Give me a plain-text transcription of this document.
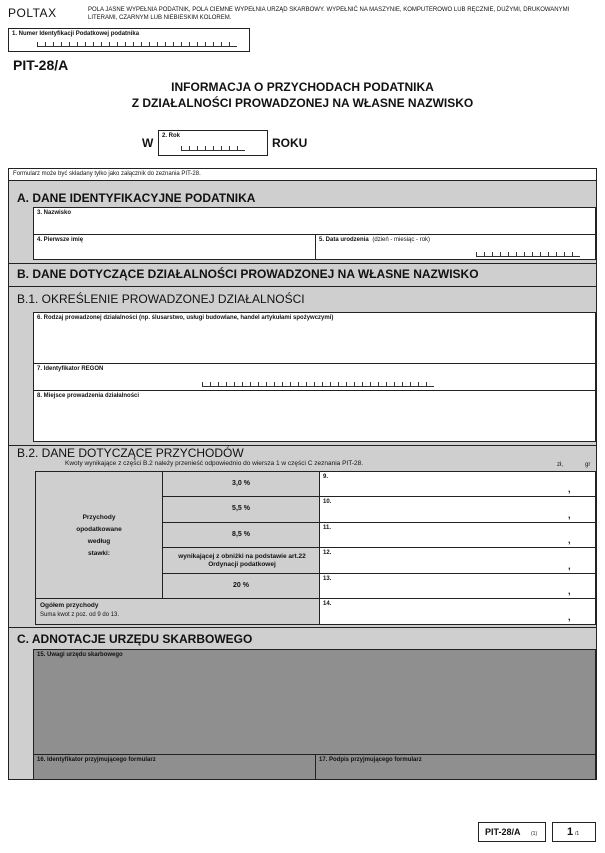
POLTAX	POLA JASNE WYPEŁNIA PODATNIK, POLA CIEMNE WYPEŁNIA URZĄD SKARBOWY. WYPEŁNIĆ NA MASZYNIE, KOMPUTEROWO LUB RĘCZNIE, DUŻYMI, DRUKOWANYMI LITERAMI, CZARNYM LUB NIEBIESKIM KOLOREM.
1. Numer Identyfikacji Podatkowej podatnika
PIT-28/A
INFORMACJA O PRZYCHODACH PODATNIKA
Z DZIAŁALNOŚCI PROWADZONEJ NA WŁASNE NAZWISKO
W 2. Rok	ROKU
Formularz może być składany tylko jako załącznik do zeznania PIT-28.
A. DANE IDENTYFIKACYJNE PODATNIKA
3. Nazwisko
4. Pierwsze imię	5. Data urodzenia (dzień - miesiąc - rok)
B. DANE DOTYCZĄCE DZIAŁALNOŚCI PROWADZONEJ NA WŁASNE NAZWISKO
B.1. OKREŚLENIE PROWADZONEJ DZIAŁALNOŚCI
6. Rodzaj prowadzonej działalności (np. ślusarstwo, usługi budowlane, handel artykułami spożywczymi)
7. Identyfikator REGON
8. Miejsce prowadzenia działalności
B.2. DANE DOTYCZĄCE PRZYCHODÓW
Kwoty wynikające z części B.2 należy przenieść odpowiednio do wiersza 1 w części C zeznania PIT-28.	zł,	gr
Przychody
opodatkowane
według
stawki:
3,0 %
9.
,
5,5 %
10.
,
8,5 %
11.
,
wynikającej z obniżki na podstawie art.22 Ordynacji podatkowej
12.
,
20 %
13.
,
Ogółem przychody
Suma kwot z poz. od 9 do 13.
14.
,
C. ADNOTACJE URZĘDU SKARBOWEGO
15. Uwagi urzędu skarbowego
16. Identyfikator przyjmującego formularz	17. Podpis przyjmującego formularz
PIT-28/A (1)	1 /1
